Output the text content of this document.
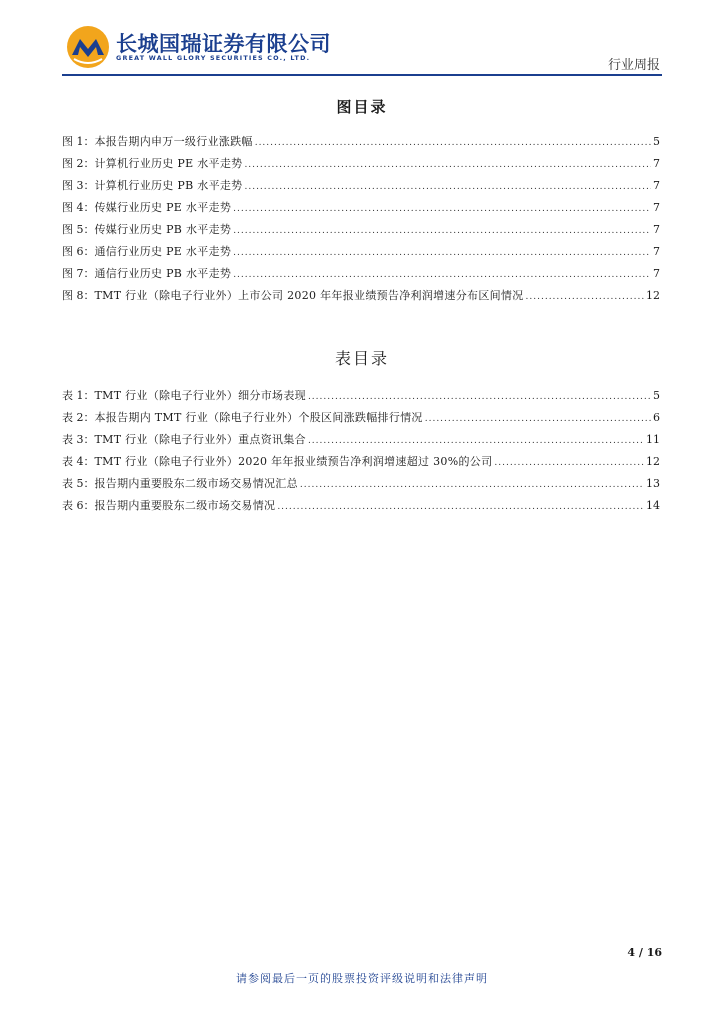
长城国瑞证券有限公司
GREAT WALL GLORY SECURITIES CO., LTD.	行业周报
图目录
图 1： 本报告期内申万一级行业涨跌幅 .....	5
图 2： 计算机行业历史 PE 水平走势 .....	7
图 3： 计算机行业历史 PB 水平走势 .....	7
图 4： 传媒行业历史 PE 水平走势 .....	7
图 5： 传媒行业历史 PB 水平走势 .....	7
图 6： 通信行业历史 PE 水平走势 .....	7
图 7： 通信行业历史 PB 水平走势 .....	7
图 8： TMT 行业（除电子行业外）上市公司 2020 年年报业绩预告净利润增速分布区间情况 .....	12
表目录
表 1： TMT 行业（除电子行业外）细分市场表现 .....	5
表 2： 本报告期内 TMT 行业（除电子行业外）个股区间涨跌幅排行情况 .....	6
表 3： TMT 行业（除电子行业外）重点资讯集合 .....	11
表 4： TMT 行业（除电子行业外）2020 年年报业绩预告净利润增速超过 30%的公司 .....	12
表 5： 报告期内重要股东二级市场交易情况汇总 .....	13
表 6： 报告期内重要股东二级市场交易情况 .....	14
4 / 16
请参阅最后一页的股票投资评级说明和法律声明
